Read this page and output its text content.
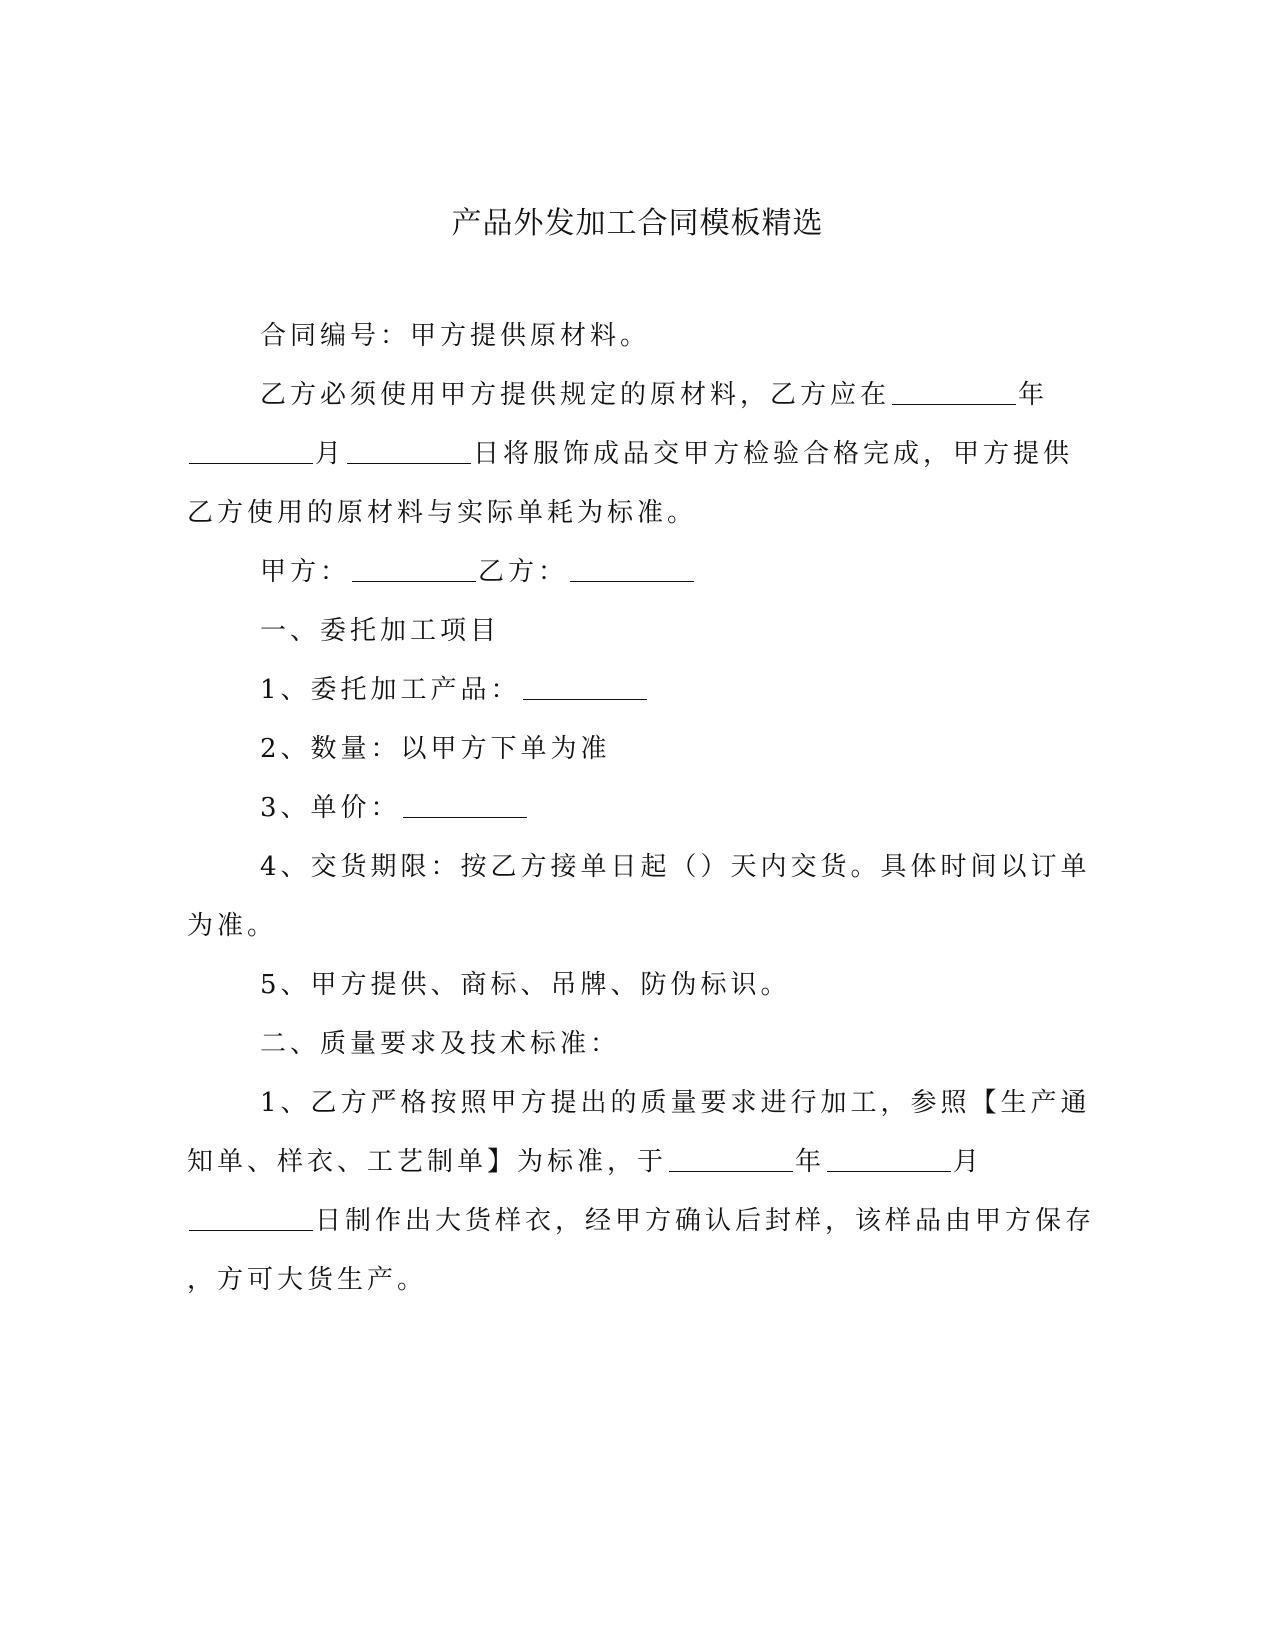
产品外发加工合同模板精选
合同编号：甲方提供原材料。
乙方必须使用甲方提供规定的原材料，乙方应在	年
月	日将服饰成品交甲方检验合格完成，甲方提供
乙方使用的原材料与实际单耗为标准。
甲方：	乙方：
一、委托加工项目
1、委托加工产品：
2、数量：以甲方下单为准
3、单价：
4、交货期限：按乙方接单日起（）天内交货。具体时间以订单
为准。
5、甲方提供、商标、吊牌、防伪标识。
二、质量要求及技术标准：
1、乙方严格按照甲方提出的质量要求进行加工，参照【生产通
知单、样衣、工艺制单】为标准，于	年	月
日制作出大货样衣，经甲方确认后封样，该样品由甲方保存
，方可大货生产。
